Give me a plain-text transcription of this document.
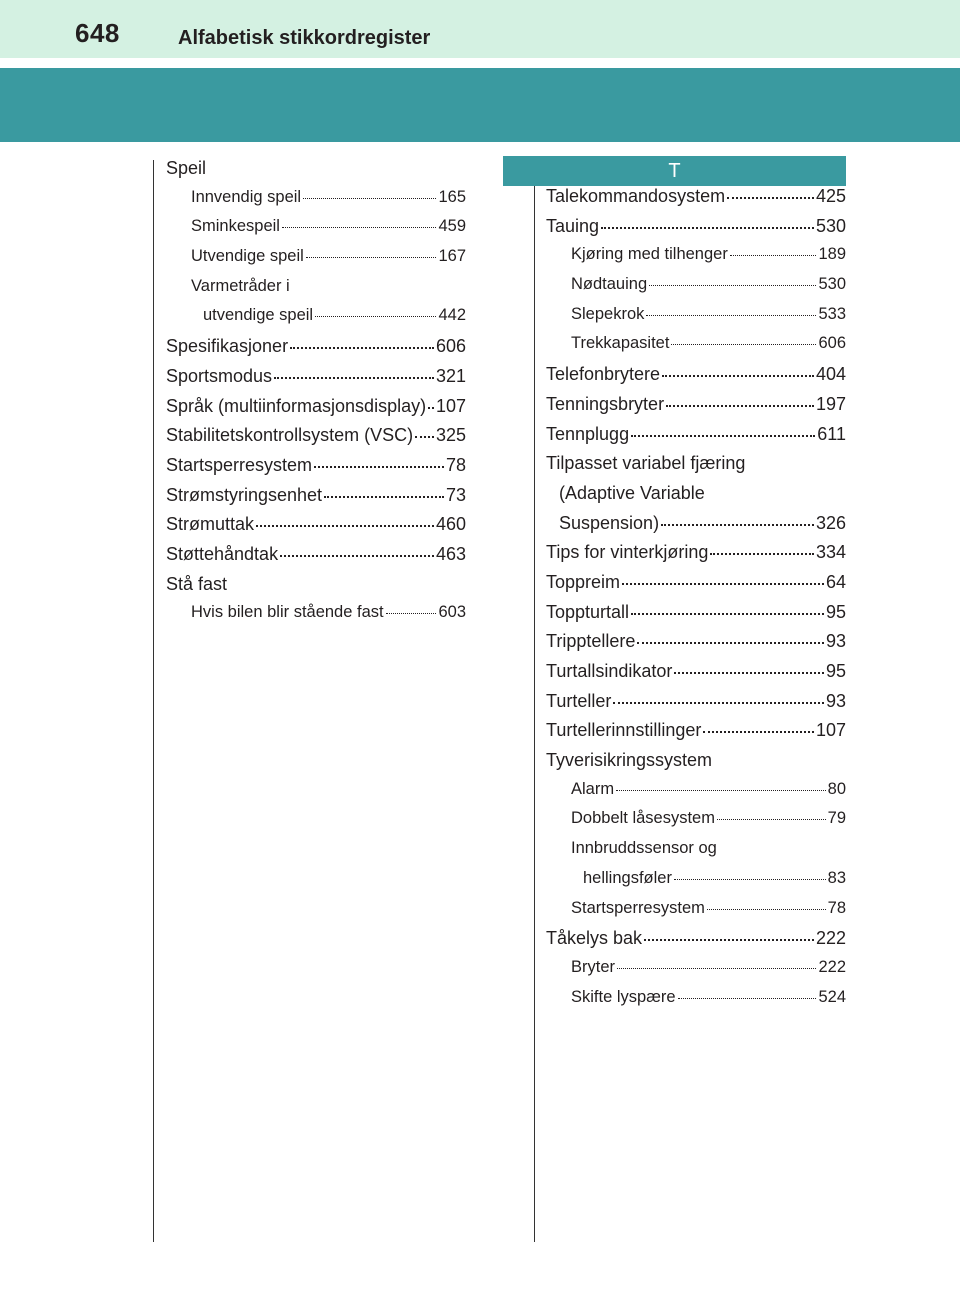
648	Alfabetisk stikkordregister
T
Speil
Innvendig speil	165
Sminkespeil	459
Utvendige speil	167
Varmetråder i
utvendige speil	442
Spesifikasjoner	606
Sportsmodus	321
Språk (multiinformasjonsdisplay) 107
Stabilitetskontrollsystem (VSC) 325
Startsperresystem	78
Strømstyringsenhet	73
Strømuttak	460
Støttehåndtak	463
Stå fast
Hvis bilen blir stående fast	603
Talekommandosystem	425
Tauing	530
Kjøring med tilhenger	189
Nødtauing	530
Slepekrok	533
Trekkapasitet	606
Telefonbrytere	404
Tenningsbryter	197
Tennplugg	611
Tilpasset variabel fjæring
(Adaptive Variable
Suspension)	326
Tips for vinterkjøring	334
Toppreim	64
Toppturtall	95
Tripptellere	93
Turtallsindikator	95
Turteller	93
Turtellerinnstillinger	107
Tyverisikringssystem
Alarm	80
Dobbelt låsesystem	79
Innbruddssensor og
hellingsføler	83
Startsperresystem	78
Tåkelys bak	222
Bryter	222
Skifte lyspære	524
